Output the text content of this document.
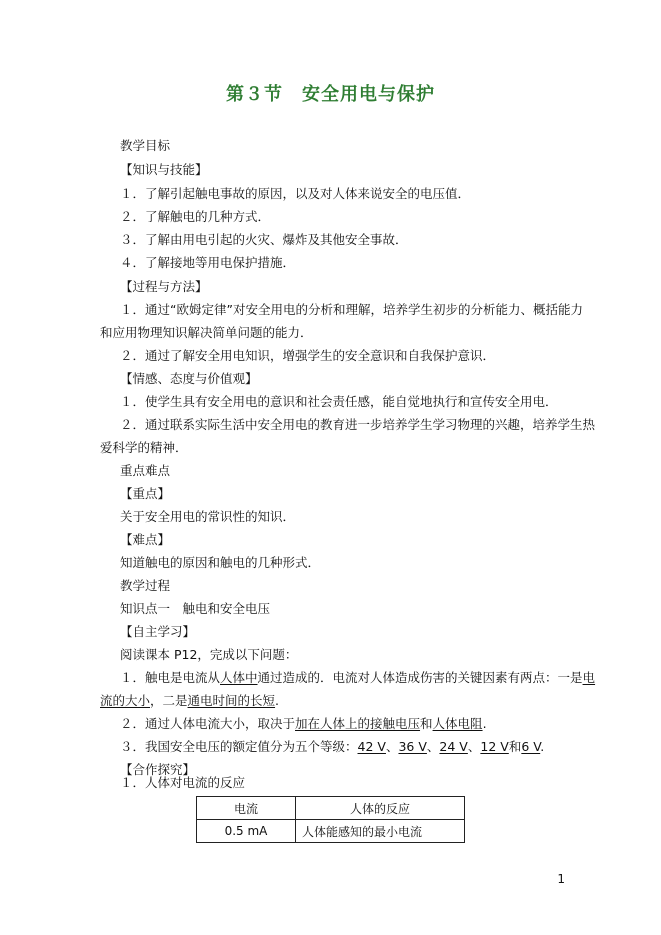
第３节　安全用电与保护
教学目标
【知识与技能】
１．了解引起触电事故的原因，以及对人体来说安全的电压值．
２．了解触电的几种方式．
３．了解由用电引起的火灾、爆炸及其他安全事故．
４．了解接地等用电保护措施．
【过程与方法】
１．通过“欧姆定律”对安全用电的分析和理解，培养学生初步的分析能力、概括能力
和应用物理知识解决简单问题的能力．
２．通过了解安全用电知识，增强学生的安全意识和自我保护意识．
【情感、态度与价值观】
１．使学生具有安全用电的意识和社会责任感，能自觉地执行和宣传安全用电．
２．通过联系实际生活中安全用电的教育进一步培养学生学习物理的兴趣，培养学生热
爱科学的精神．
重点难点
【重点】
关于安全用电的常识性的知识．
【难点】
知道触电的原因和触电的几种形式．
教学过程
知识点一　触电和安全电压
【自主学习】
阅读课本 P12，完成以下问题：
１．触电是电流从人体中通过造成的．电流对人体造成伤害的关键因素有两点：一是电
流的大小，二是通电时间的长短.
２．通过人体电流大小，取决于加在人体上的接触电压和人体电阻.
３．我国安全电压的额定值分为五个等级：42 V、36 V、24 V、12 V和6 V.
【合作探究】
１．人体对电流的反应
电流	人体的反应
0.5 mA	人体能感知的最小电流
1
